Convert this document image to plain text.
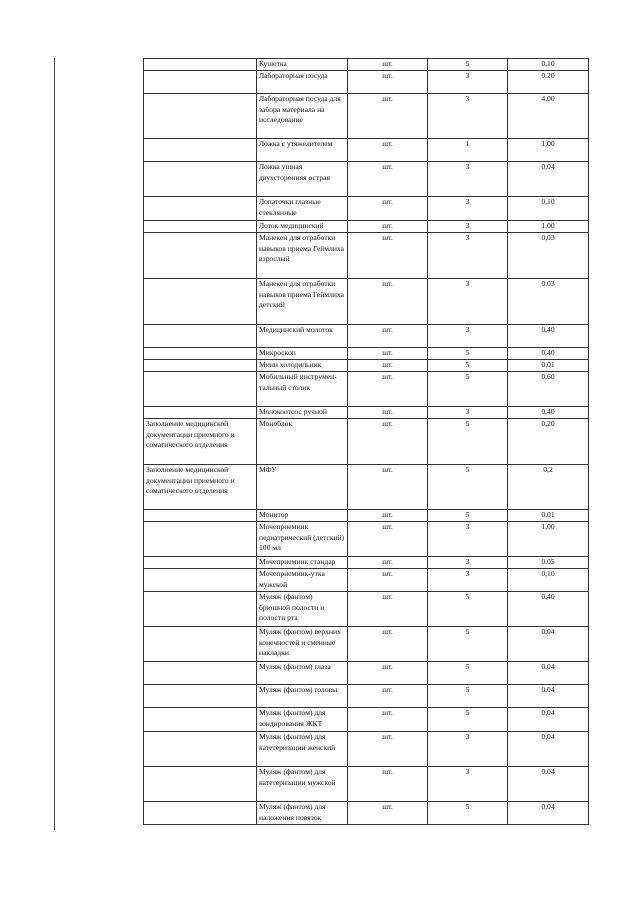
	Кушетка	шт.	5	0,10
	Лабораторная посуда	шт.	3	0.20
	Лабораторная посуда для забора материала на исследование	шт.	3	4,00
	Ложка с утяжелителем	шт.	1	1,00
	Ложка ушная двухсторонняя острая	шт.	3	0,04
	Лопаточки глазные стеклянные	шт.	3	0,10
	Лоток медицинский	шт.	3	1.00
	Манекен для отработки навыков приема Геймлиха взрослый	шт.	3	0,03
	Манекен для отработки навыков приема Геймлиха детский	шт.	3	0.03
	Медицинский молоток	шт.	3	0,40
	Микроскоп	шт.	5	0,40
	Мини холодильник	шт.	5	0,01
	Мобильный инструмен-тальный столик	шт.	5	0,60
	Молокоотсос ручной	шт.	3	0,40
Заполнение медицинской документации приемного и соматического отделения	Моноблок	шт.	5	0,20
Заполнение медицинской документации приемного и соматического отделения	МФУ	шт.	5	0,2
	Монитор	шт.	5	0,01
	Мочеприемник педиатрический (детский) 100 мл	шт.	3	1,00
	Мочеприемник стандар	шт.	3	0.05
	Мочеприемник-утка мужской	шт.	3	0,10
	Муляж (фантом) брюшной полости и полости рта	шт.	5	0,40
	Муляж (фантом) верхних конечностей и сменные накладки	шт.	5	0,04
	Муляж (фантом) глаза	шт.	5	0,04
	Муляж (фантом) головы	шт.	5	0,04
	Муляж (фантом) для зондирования ЖКТ	шт.	5	0,04
	Муляж (фантом) для катетеризации женский	шт.	3	0,04
	Муляж (фантом) для катетеризации мужской	шт.	3	0.04
	Муляж (фантом) для наложения повязок	шт.	5	0,04
